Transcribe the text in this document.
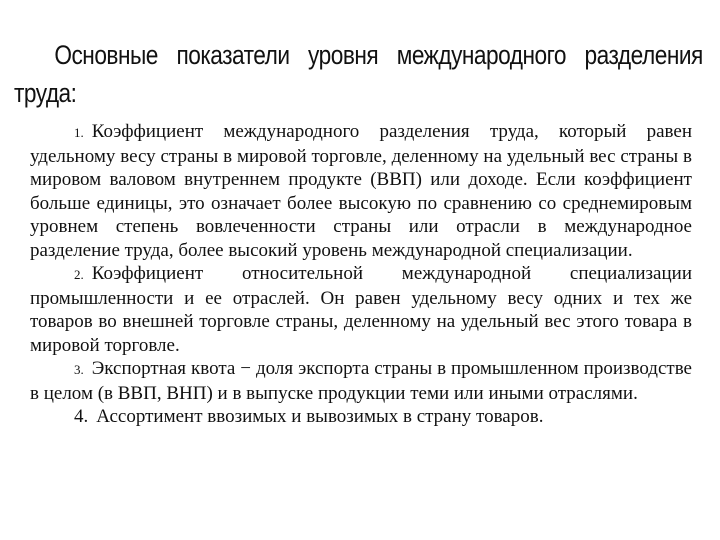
Основные показатели уровня международного разделения труда:

1. Коэффициент международного разделения труда, который равен удельному весу страны в мировой торговле, деленному на удельный вес страны в мировом валовом внутреннем продукте (ВВП) или доходе. Если коэффициент больше единицы, это означает более высокую по сравнению со среднемировым уровнем степень вовлеченности страны или отрасли в международное разделение труда, более высокий уровень международной специализации.

2. Коэффициент относительной международной специализации промышленности и ее отраслей. Он равен удельному весу одних и тех же товаров во внешней торговле страны, деленному на удельный вес этого товара в мировой торговле.

3. Экспортная квота − доля экспорта страны в промышленном производстве в целом (в ВВП, ВНП) и в выпуске продукции теми или иными отраслями.

4. Ассортимент ввозимых и вывозимых в страну товаров.
